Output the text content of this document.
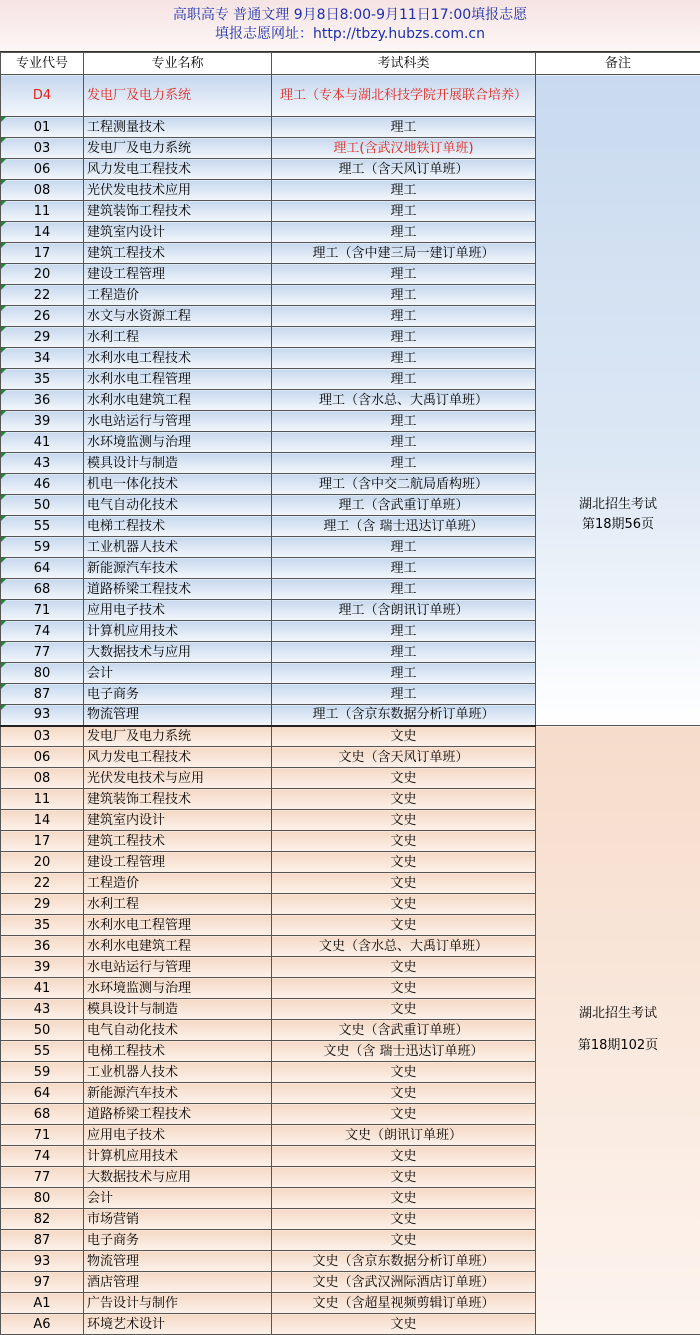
高职高专 普通文理 9月8日8:00-9月11日17:00填报志愿
填报志愿网址：http://tbzy.hubzs.com.cn
专业代号	专业名称	考试科类	备注
D4	发电厂及电力系统	理工（专本与湖北科技学院开展联合培养）	湖北招生考试
第18期56页

01	工程测量技术	理工	
03	发电厂及电力系统	理工(含武汉地铁订单班)	
06	风力发电工程技术	理工（含天风订单班）	
08	光伏发电技术应用	理工	
11	建筑装饰工程技术	理工	
14	建筑室内设计	理工	
17	建筑工程技术	理工（含中建三局一建订单班）	
20	建设工程管理	理工	
22	工程造价	理工	
26	水文与水资源工程	理工	
29	水利工程	理工	
34	水利水电工程技术	理工	
35	水利水电工程管理	理工	
36	水利水电建筑工程	理工（含水总、大禹订单班）	
39	水电站运行与管理	理工	
41	水环境监测与治理	理工	
43	模具设计与制造	理工	
46	机电一体化技术	理工（含中交二航局盾构班）	
50	电气自动化技术	理工（含武重订单班）	
55	电梯工程技术	理工（含 瑞士迅达订单班）	
59	工业机器人技术	理工	
64	新能源汽车技术	理工	
68	道路桥梁工程技术	理工	
71	应用电子技术	理工（含朗讯订单班）	
74	计算机应用技术	理工	
77	大数据技术与应用	理工	
80	会计	理工	
87	电子商务	理工	
93	物流管理	理工（含京东数据分析订单班）	
03	发电厂及电力系统	文史	湖北招生考试
第18期102页

06	风力发电工程技术	文史（含天风订单班）	
08	光伏发电技术与应用	文史	
11	建筑装饰工程技术	文史	
14	建筑室内设计	文史	
17	建筑工程技术	文史	
20	建设工程管理	文史	
22	工程造价	文史	
29	水利工程	文史	
35	水利水电工程管理	文史	
36	水利水电建筑工程	文史（含水总、大禹订单班）	
39	水电站运行与管理	文史	
41	水环境监测与治理	文史	
43	模具设计与制造	文史	
50	电气自动化技术	文史（含武重订单班）	
55	电梯工程技术	文史（含 瑞士迅达订单班）	
59	工业机器人技术	文史	
64	新能源汽车技术	文史	
68	道路桥梁工程技术	文史	
71	应用电子技术	文史（朗讯订单班）	
74	计算机应用技术	文史	
77	大数据技术与应用	文史	
80	会计	文史	
82	市场营销	文史	
87	电子商务	文史	
93	物流管理	文史（含京东数据分析订单班）	
97	酒店管理	文史（含武汉洲际酒店订单班）	
A1	广告设计与制作	文史（含超星视频剪辑订单班）	
A6	环境艺术设计	文史	
